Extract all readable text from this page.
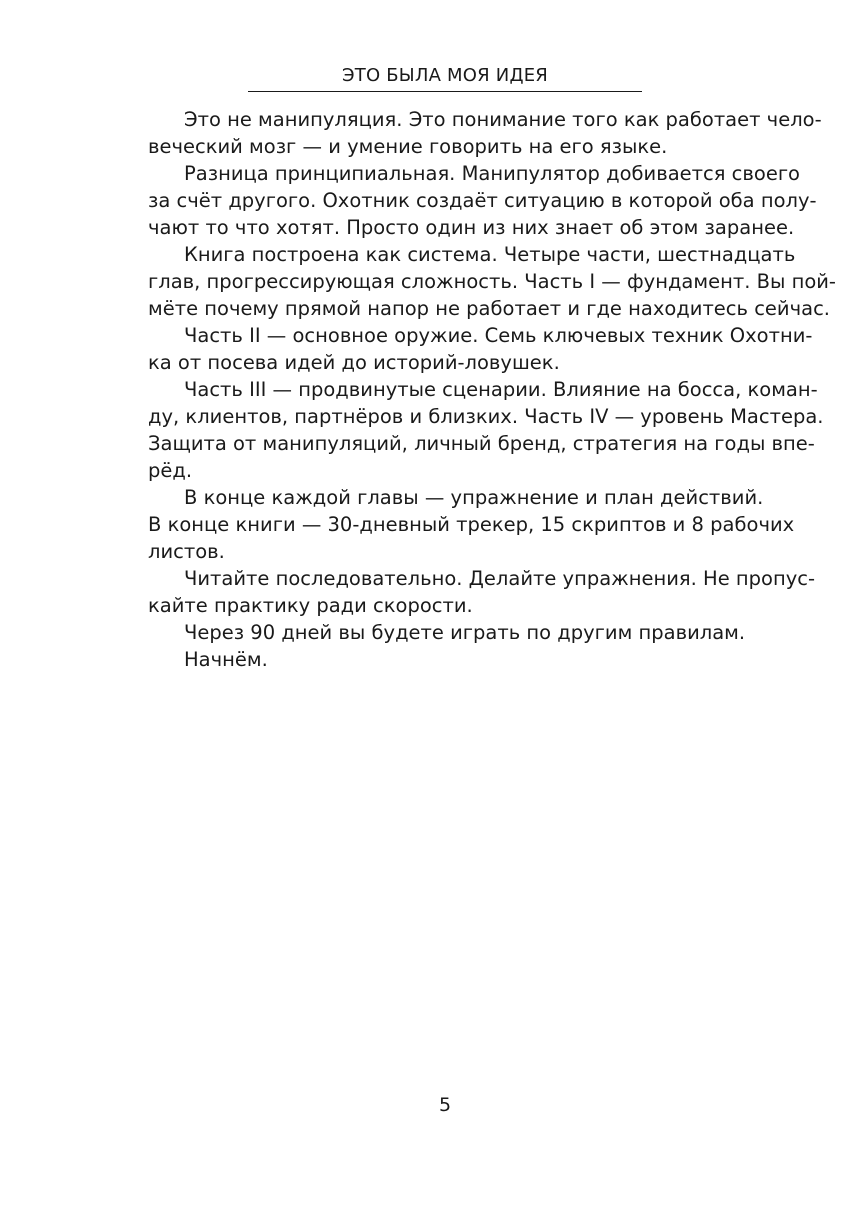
ЭТО БЫЛА МОЯ ИДЕЯ
Это не манипуляция. Это понимание того как работает чело-
веческий мозг — и умение говорить на его языке.
Разница принципиальная. Манипулятор добивается своего
за счёт другого. Охотник создаёт ситуацию в которой оба полу-
чают то что хотят. Просто один из них знает об этом заранее.
Книга построена как система. Четыре части, шестнадцать
глав, прогрессирующая сложность. Часть I — фундамент. Вы пой-
мёте почему прямой напор не работает и где находитесь сейчас.
Часть II — основное оружие. Семь ключевых техник Охотни-
ка от посева идей до историй-ловушек.
Часть III — продвинутые сценарии. Влияние на босса, коман-
ду, клиентов, партнёров и близких. Часть IV — уровень Мастера.
Защита от манипуляций, личный бренд, стратегия на годы впе-
рёд.
В конце каждой главы — упражнение и план действий.
В конце книги — 30-дневный трекер, 15 скриптов и 8 рабочих
листов.
Читайте последовательно. Делайте упражнения. Не пропус-
кайте практику ради скорости.
Через 90 дней вы будете играть по другим правилам.
Начнём.
5
